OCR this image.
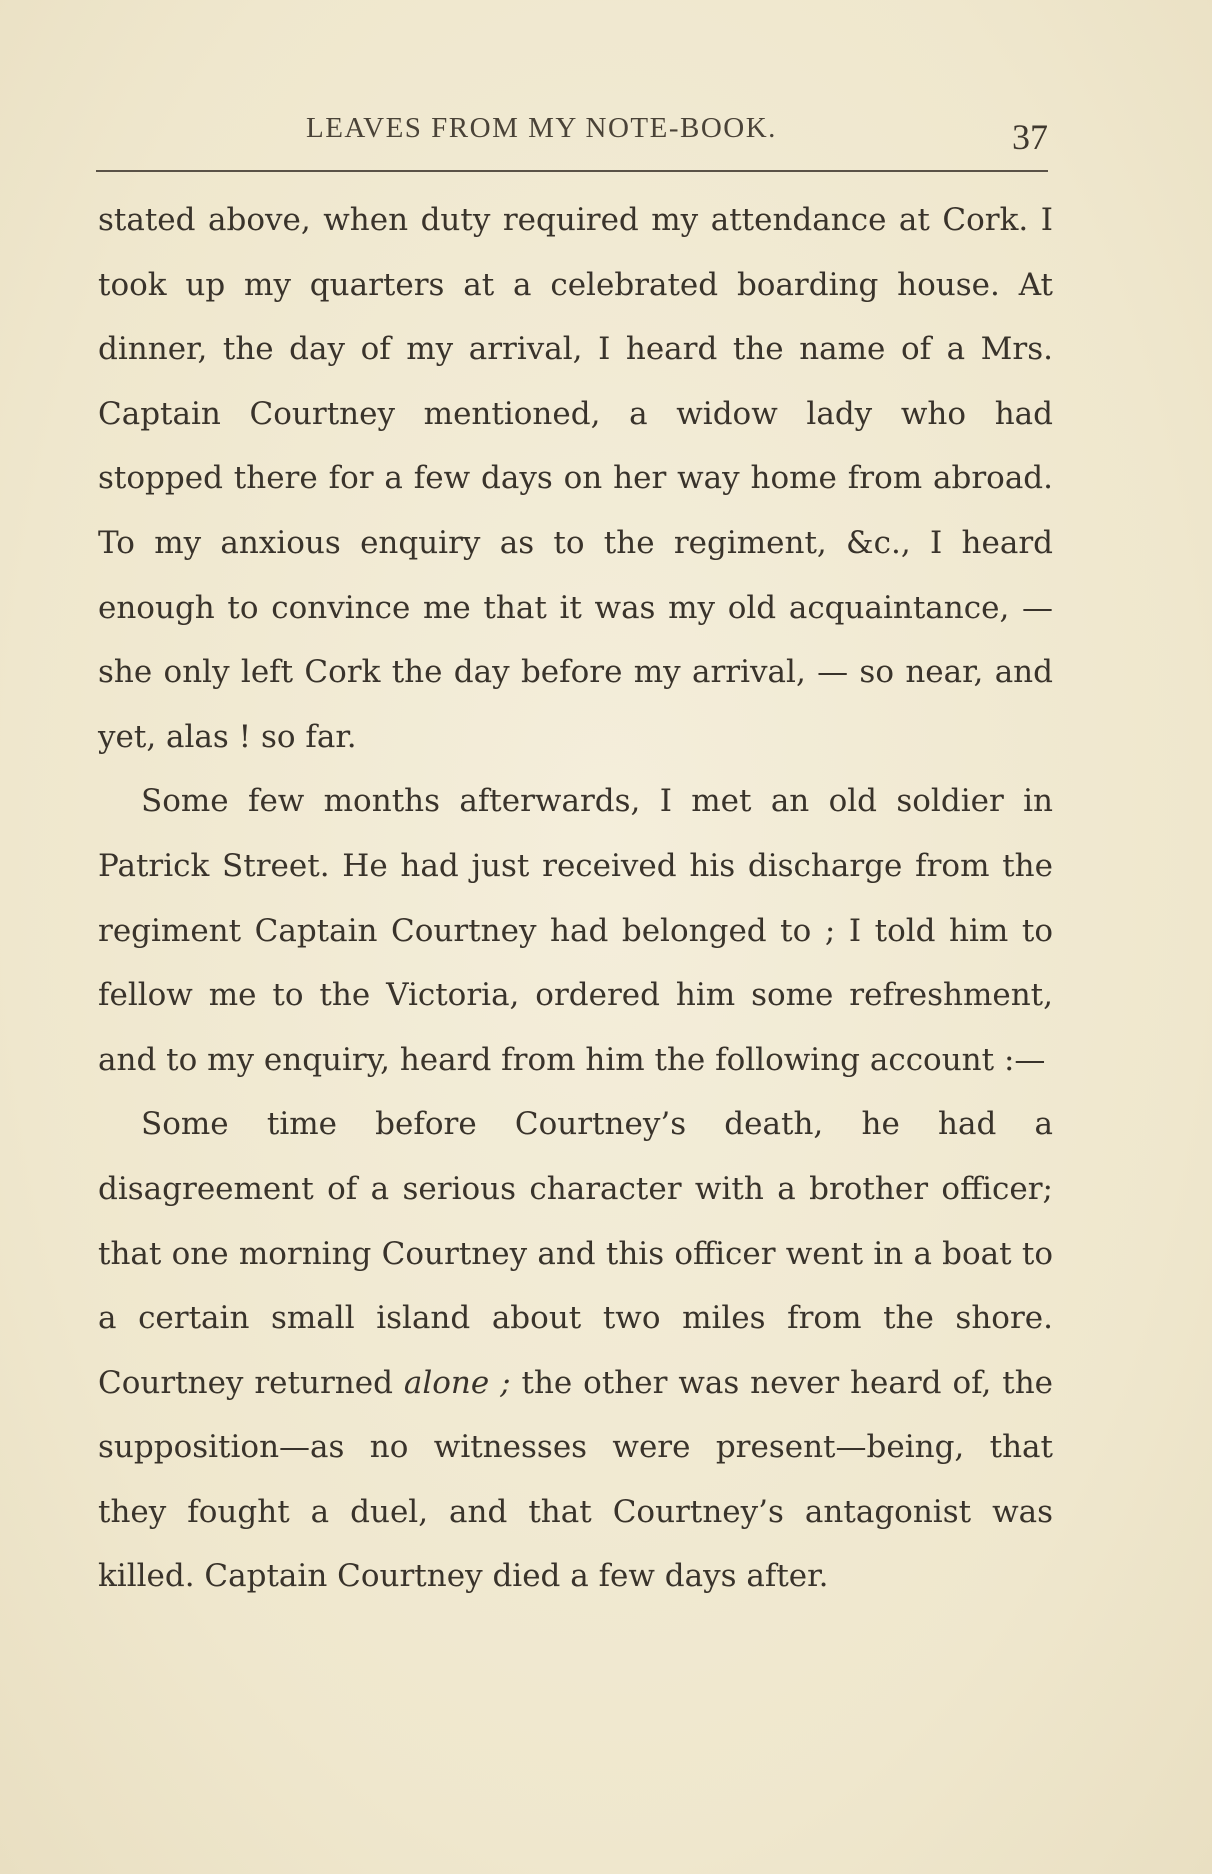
LEAVES FROM MY NOTE-BOOK.	37

stated above, when duty required my attendance at Cork. I took up my quarters at a celebrated boarding house. At dinner, the day of my arrival, I heard the name of a Mrs. Captain Courtney mentioned, a widow lady who had stopped there for a few days on her way home from abroad. To my anxious enquiry as to the regiment, &c., I heard enough to convince me that it was my old acquaintance, — she only left Cork the day before my arrival, — so near, and yet, alas ! so far.

Some few months afterwards, I met an old soldier in Patrick Street. He had just received his discharge from the regiment Captain Courtney had belonged to ; I told him to fellow me to the Victoria, ordered him some refreshment, and to my enquiry, heard from him the following account :—

Some time before Courtney’s death, he had a disagreement of a serious character with a brother officer; that one morning Courtney and this officer went in a boat to a certain small island about two miles from the shore. Courtney returned alone ; the other was never heard of, the supposition—as no witnesses were present—being, that they fought a duel, and that Courtney’s antagonist was killed. Captain Courtney died a few days after.
